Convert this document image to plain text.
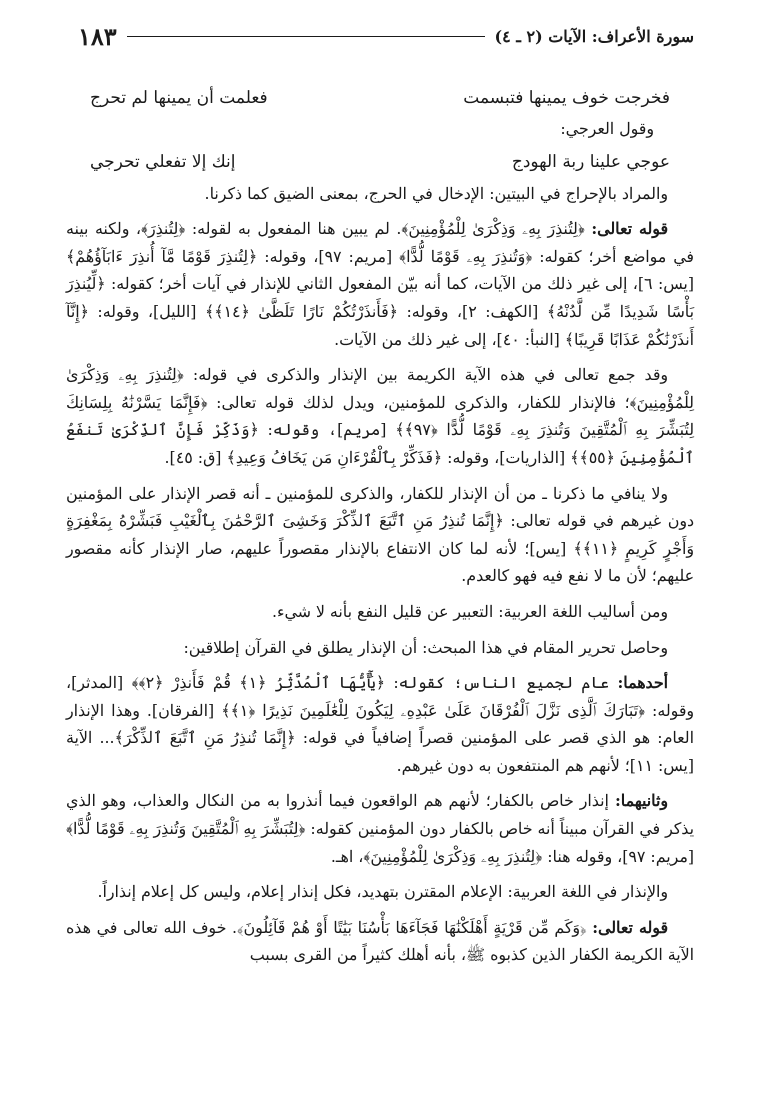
سورة الأعراف: الآيات (٢ ـ ٤)
١٨٣
فخرجت خوف يمينها فتبسمت
فعلمت أن يمينها لم تحرج

وقول العرجي:

عوجي علينا ربة الهودج
إنك إلا تفعلي تحرجي

والمراد بالإحراج في البيتين: الإدخال في الحرج، بمعنى الضيق كما ذكرنا.

قوله تعالى: ﴿لِتُنذِرَ بِهِۦ وَذِكْرَىٰ لِلْمُؤْمِنِينَ﴾. لم يبين هنا المفعول به لقوله: ﴿لِتُنذِرَ﴾، ولكنه بينه في مواضع أخر؛ كقوله: ﴿وَتُنذِرَ بِهِۦ قَوْمًا لُّدًّا﴾ [مريم: ٩٧]، وقوله: ﴿لِتُنذِرَ قَوْمًا مَّآ أُنذِرَ ءَابَآؤُهُمْ﴾ [يس: ٦]، إلى غير ذلك من الآيات، كما أنه بيّن المفعول الثاني للإنذار في آيات أخر؛ كقوله: ﴿لِّيُنذِرَ بَأْسًا شَدِيدًا مِّن لَّدُنْهُ﴾ [الكهف: ٢]، وقوله: ﴿فَأَنذَرْتُكُمْ نَارًا تَلَظَّىٰ ﴿١٤﴾﴾ [الليل]، وقوله: ﴿إِنَّآ أَنذَرْنَٰكُمْ عَذَابًا قَرِيبًا﴾ [النبأ: ٤٠]، إلى غير ذلك من الآيات.

وقد جمع تعالى في هذه الآية الكريمة بين الإنذار والذكرى في قوله: ﴿لِتُنذِرَ بِهِۦ وَذِكْرَىٰ لِلْمُؤْمِنِينَ﴾؛ فالإنذار للكفار، والذكرى للمؤمنين، ويدل لذلك قوله تعالى: ﴿فَإِنَّمَا يَسَّرْنَٰهُ بِلِسَانِكَ لِتُبَشِّرَ بِهِ ٱلْمُتَّقِينَ وَتُنذِرَ بِهِۦ قَوْمًا لُّدًّا ﴿٩٧﴾﴾ [مريم]، وقوله: ﴿وَذَكِّرْ فَإِنَّ ٱلذِّكْرَىٰ تَنفَعُ ٱلْمُؤْمِنِينَ ﴿٥٥﴾﴾ [الذاريات]، وقوله: ﴿فَذَكِّرْ بِٱلْقُرْءَانِ مَن يَخَافُ وَعِيدِ﴾ [ق: ٤٥].

ولا ينافي ما ذكرنا ـ من أن الإنذار للكفار، والذكرى للمؤمنين ـ أنه قصر الإنذار على المؤمنين دون غيرهم في قوله تعالى: ﴿إِنَّمَا تُنذِرُ مَنِ ٱتَّبَعَ ٱلذِّكْرَ وَخَشِىَ ٱلرَّحْمَٰنَ بِٱلْغَيْبِ فَبَشِّرْهُ بِمَغْفِرَةٍ وَأَجْرٍ كَرِيمٍ ﴿١١﴾﴾ [يس]؛ لأنه لما كان الانتفاع بالإنذار مقصوراً عليهم، صار الإنذار كأنه مقصور عليهم؛ لأن ما لا نفع فيه فهو كالعدم.

ومن أساليب اللغة العربية: التعبير عن قليل النفع بأنه لا شيء.

وحاصل تحرير المقام في هذا المبحث: أن الإنذار يطلق في القرآن إطلاقين:

أحدهما: عام لجميع الناس؛ كقوله: ﴿يَٰٓأَيُّهَا ٱلْمُدَّثِّرُ ﴿١﴾ قُمْ فَأَنذِرْ ﴿٢﴾﴾ [المدثر]، وقوله: ﴿تَبَارَكَ ٱلَّذِى نَزَّلَ ٱلْفُرْقَانَ عَلَىٰ عَبْدِهِۦ لِيَكُونَ لِلْعَٰلَمِينَ نَذِيرًا ﴿١﴾﴾ [الفرقان]. وهذا الإنذار العام: هو الذي قصر على المؤمنين قصراً إضافياً في قوله: ﴿إِنَّمَا تُنذِرُ مَنِ ٱتَّبَعَ ٱلذِّكْرَ﴾... الآية [يس: ١١]؛ لأنهم هم المنتفعون به دون غيرهم.

وثانيهما: إنذار خاص بالكفار؛ لأنهم هم الواقعون فيما أنذروا به من النكال والعذاب، وهو الذي يذكر في القرآن مبيناً أنه خاص بالكفار دون المؤمنين كقوله: ﴿لِتُبَشِّرَ بِهِ ٱلْمُتَّقِينَ وَتُنذِرَ بِهِۦ قَوْمًا لُّدًّا﴾ [مريم: ٩٧]، وقوله هنا: ﴿لِتُنذِرَ بِهِۦ وَذِكْرَىٰ لِلْمُؤْمِنِينَ﴾، اهـ.

والإنذار في اللغة العربية: الإعلام المقترن بتهديد، فكل إنذار إعلام، وليس كل إعلام إنذاراً.

قوله تعالى: ﴿وَكَم مِّن قَرْيَةٍ أَهْلَكْنَٰهَا فَجَآءَهَا بَأْسُنَا بَيَٰتًا أَوْ هُمْ قَآئِلُونَ﴾. خوف الله تعالى في هذه الآية الكريمة الكفار الذين كذبوه ﷺ، بأنه أهلك كثيراً من القرى بسبب
